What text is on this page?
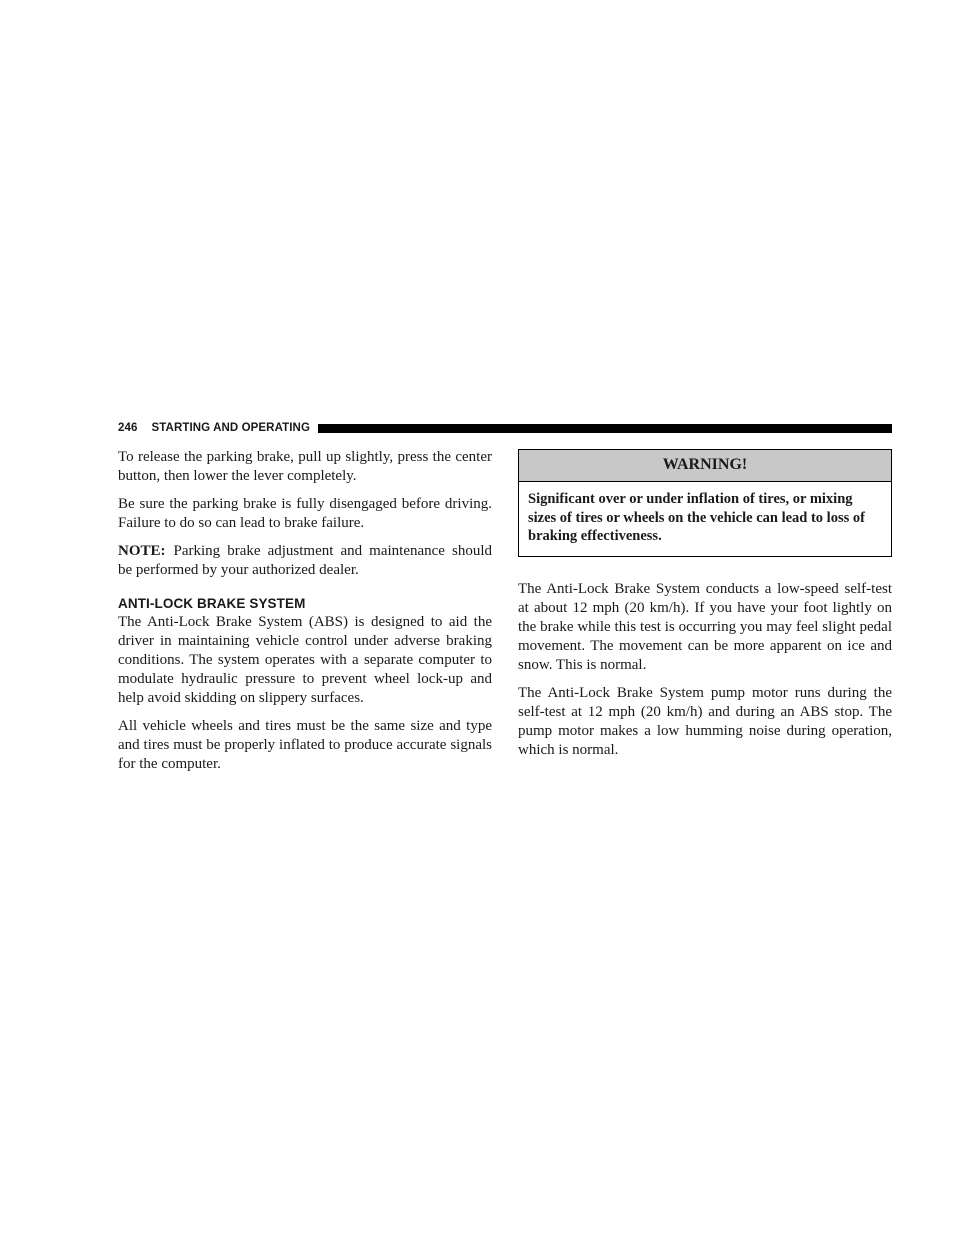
246 STARTING AND OPERATING

To release the parking brake, pull up slightly, press the center button, then lower the lever completely.

Be sure the parking brake is fully disengaged before driving. Failure to do so can lead to brake failure.

NOTE: Parking brake adjustment and maintenance should be performed by your authorized dealer.

ANTI-LOCK BRAKE SYSTEM

The Anti-Lock Brake System (ABS) is designed to aid the driver in maintaining vehicle control under adverse braking conditions. The system operates with a separate computer to modulate hydraulic pressure to prevent wheel lock-up and help avoid skidding on slippery surfaces.

All vehicle wheels and tires must be the same size and type and tires must be properly inflated to produce accurate signals for the computer.

WARNING!
Significant over or under inflation of tires, or mixing sizes of tires or wheels on the vehicle can lead to loss of braking effectiveness.

The Anti-Lock Brake System conducts a low-speed self-test at about 12 mph (20 km/h). If you have your foot lightly on the brake while this test is occurring you may feel slight pedal movement. The movement can be more apparent on ice and snow. This is normal.

The Anti-Lock Brake System pump motor runs during the self-test at 12 mph (20 km/h) and during an ABS stop. The pump motor makes a low humming noise during operation, which is normal.
